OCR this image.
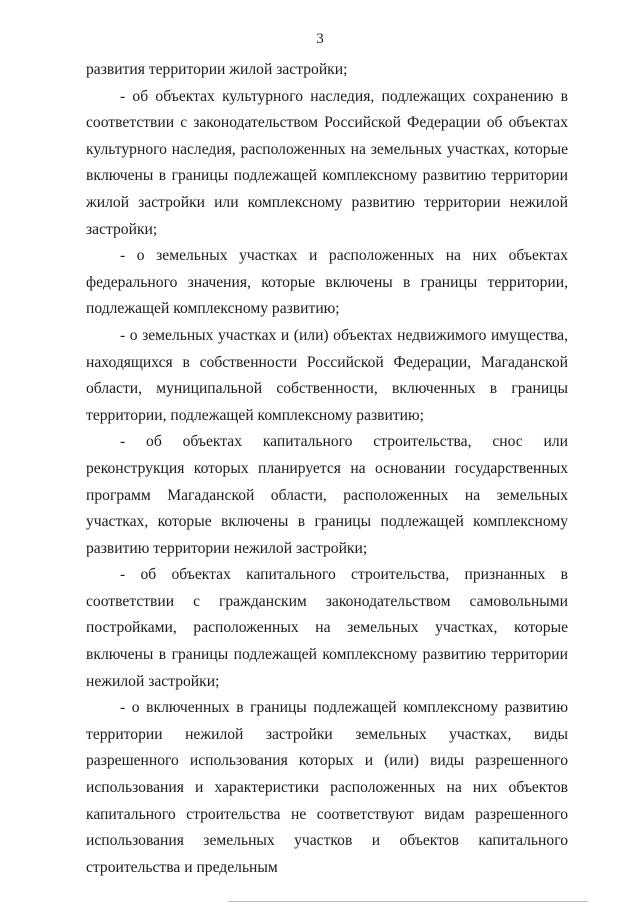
3

развития территории жилой застройки;

- об объектах культурного наследия, подлежащих сохранению в соответствии с законодательством Российской Федерации об объектах культурного наследия, расположенных на земельных участках, которые включены в границы подлежащей комплексному развитию территории жилой застройки или комплексному развитию территории нежилой застройки;

- о земельных участках и расположенных на них объектах федерального значения, которые включены в границы территории, подлежащей комплексному развитию;

- о земельных участках и (или) объектах недвижимого имущества, находящихся в собственности Российской Федерации, Магаданской области, муниципальной собственности, включенных в границы территории, подлежащей комплексному развитию;

- об объектах капитального строительства, снос или реконструкция которых планируется на основании государственных программ Магаданской области, расположенных на земельных участках, которые включены в границы подлежащей комплексному развитию территории нежилой застройки;

- об объектах капитального строительства, признанных в соответствии с гражданским законодательством самовольными постройками, расположенных на земельных участках, которые включены в границы подлежащей комплексному развитию территории нежилой застройки;

- о включенных в границы подлежащей комплексному развитию территории нежилой застройки земельных участках, виды разрешенного использования которых и (или) виды разрешенного использования и характеристики расположенных на них объектов капитального строительства не соответствуют видам разрешенного использования земельных участков и объектов капитального строительства и предельным
